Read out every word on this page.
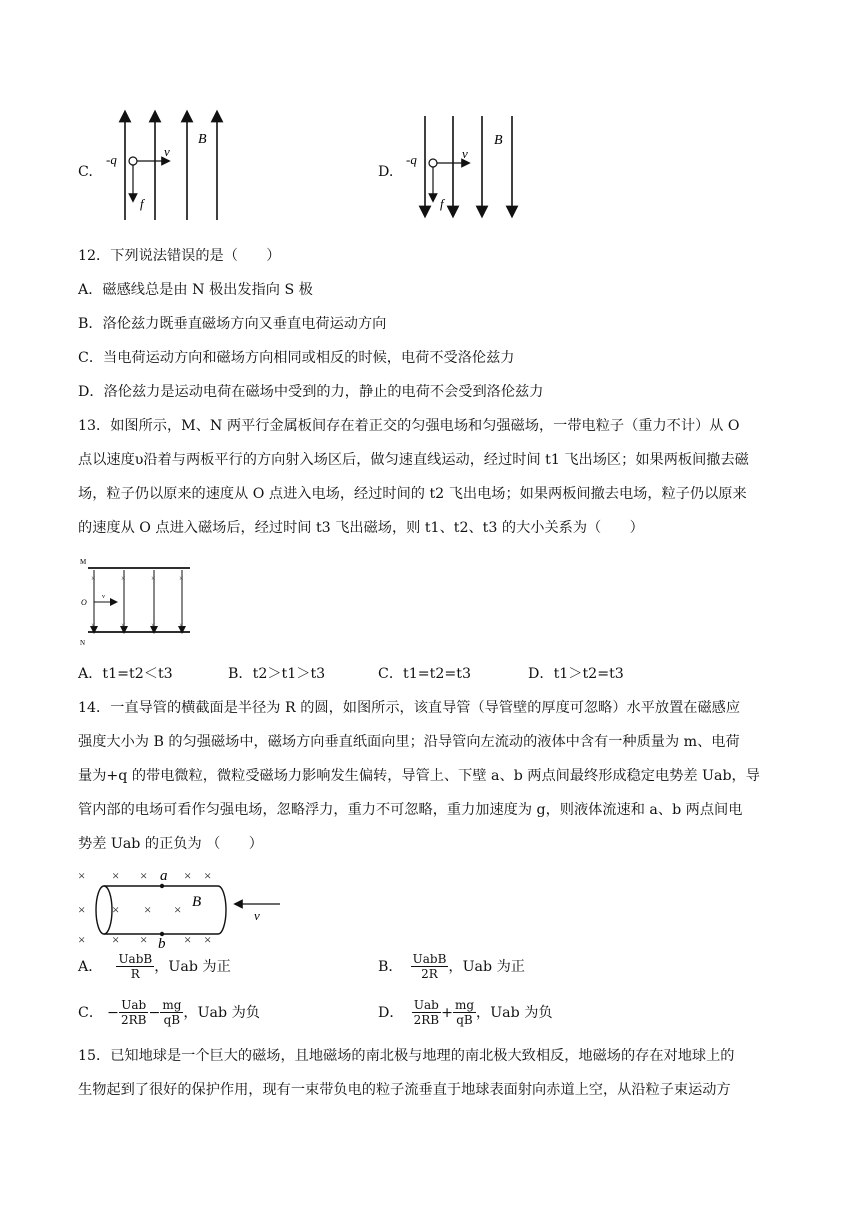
C.
-q
v
B
f
D.
-q	v
B
f
12．下列说法错误的是（　　）
A．磁感线总是由 N 极出发指向 S 极
B．洛伦兹力既垂直磁场方向又垂直电荷运动方向
C．当电荷运动方向和磁场方向相同或相反的时候，电荷不受洛伦兹力
D．洛伦兹力是运动电荷在磁场中受到的力，静止的电荷不会受到洛伦兹力
13．如图所示，M、N 两平行金属板间存在着正交的匀强电场和匀强磁场，一带电粒子（重力不计）从 O
点以速度υ沿着与两板平行的方向射入场区后，做匀速直线运动，经过时间 t1 飞出场区；如果两板间撤去磁
场，粒子仍以原来的速度从 O 点进入电场，经过时间的 t2 飞出电场；如果两板间撤去电场，粒子仍以原来
的速度从 O 点进入磁场后，经过时间 t3 飞出磁场，则 t1、t2、t3 的大小关系为（　　）
×	×	×	×
×	×	×	×
M
N
O
v
A．t1=t2＜t3	B．t2＞t1＞t3	C．t1=t2=t3	D．t1＞t2=t3
14．一直导管的横截面是半径为 R 的圆，如图所示，该直导管（导管壁的厚度可忽略）水平放置在磁感应
强度大小为 B 的匀强磁场中，磁场方向垂直纸面向里；沿导管向左流动的液体中含有一种质量为 m、电荷
量为+q 的带电微粒，微粒受磁场力影响发生偏转，导管上、下壁 a、b 两点间最终形成稳定电势差 Uab，导
管内部的电场可看作匀强电场，忽略浮力，重力不可忽略，重力加速度为 g，则液体流速和 a、b 两点间电
势差 Uab 的正负为 （　　）
× × ×	× ×
× × × ×
× × ×	× ×
a
b
B
v
A． $\frac{\text{UabB}}{R}$ ，Uab 为正	B． $\frac{\text{UabB}}{2R}$ ，Uab 为正
C． − $\frac{\text{Uab}}{2RB} - \frac{mg}{qB}$ ，Uab 为负	D． $\frac{\text{Uab}}{2RB} + \frac{mg}{qB}$ ，Uab 为负
15．已知地球是一个巨大的磁场，且地磁场的南北极与地理的南北极大致相反，地磁场的存在对地球上的
生物起到了很好的保护作用，现有一束带负电的粒子流垂直于地球表面射向赤道上空，从沿粒子束运动方
